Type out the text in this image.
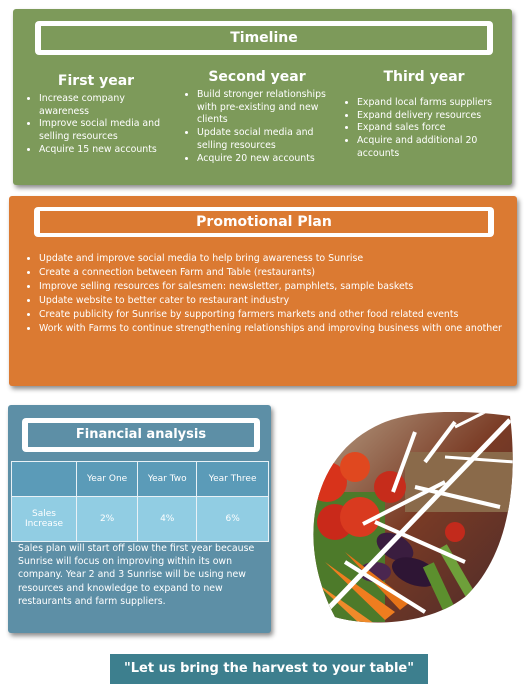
Timeline
First year
• Increase company awareness
• Improve social media and selling resources
• Acquire 15 new accounts
Second year
• Build stronger relationships with pre-existing and new clients
• Update social media and selling resources
• Acquire 20 new accounts
Third year
• Expand local farms suppliers
• Expand delivery resources
• Expand sales force
• Acquire and additional 20 accounts
Promotional Plan
• Update and improve social media to help bring awareness to Sunrise
• Create a connection between Farm and Table (restaurants)
• Improve selling resources for salesmen: newsletter, pamphlets, sample baskets
• Update website to better cater to restaurant industry
• Create publicity for Sunrise by supporting farmers markets and other food related events
• Work with Farms to continue strengthening relationships and improving business with one another
Financial analysis
	Year One	Year Two	Year Three
Sales Increase	2%	4%	6%
Sales plan will start off slow the first year because Sunrise will focus on improving within its own company. Year 2 and 3 Sunrise will be using new resources and knowledge to expand to new restaurants and farm suppliers.
"Let us bring the harvest to your table"
